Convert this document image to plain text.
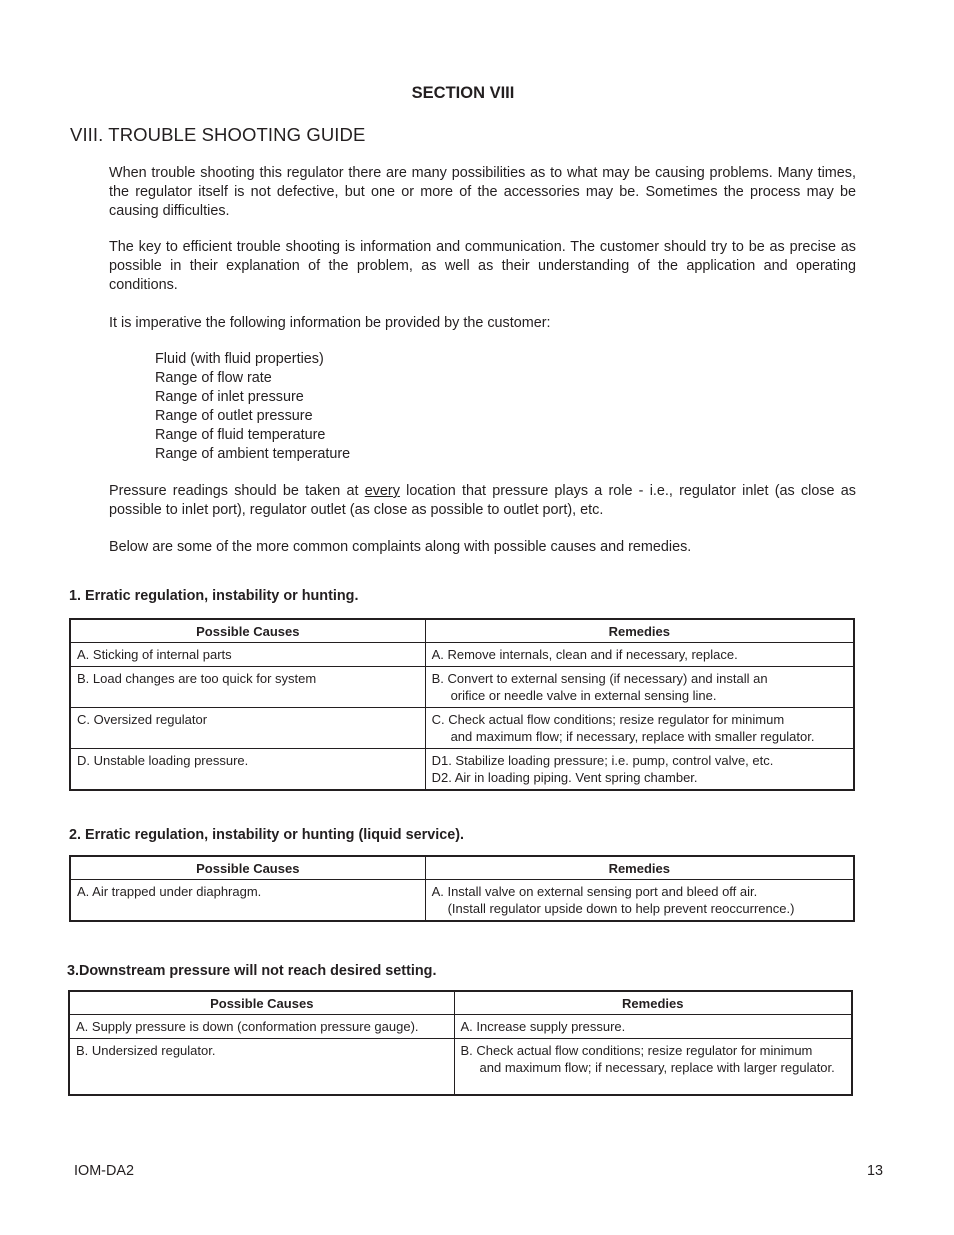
SECTION VIII
VIII. TROUBLE SHOOTING GUIDE
When trouble shooting this regulator there are many possibilities as to what may be causing problems. Many times, the regulator itself is not defective, but one or more of the accessories may be. Sometimes the process may be causing difficulties.
The key to efficient trouble shooting is information and communication. The customer should try to be as precise as possible in their explanation of the problem, as well as their understanding of the application and operating conditions.
It is imperative the following information be provided by the customer:
Fluid (with fluid properties)
Range of flow rate
Range of inlet pressure
Range of outlet pressure
Range of fluid temperature
Range of ambient temperature
Pressure readings should be taken at every location that pressure plays a role - i.e., regulator inlet (as close as possible to inlet port), regulator outlet (as close as possible to outlet port), etc.
Below are some of the more common complaints along with possible causes and remedies.
1. Erratic regulation, instability or hunting.
Possible Causes	Remedies
A. Sticking of internal parts	A. Remove internals, clean and if necessary, replace.

B. Load changes are too quick for system	B. Convert to external sensing (if necessary) and install an
orifice or needle valve in external sensing line.

C. Oversized regulator	C. Check actual flow conditions; resize regulator for minimum
and maximum flow; if necessary, replace with smaller regulator.

D. Unstable loading pressure.	D1. Stabilize loading pressure; i.e. pump, control valve, etc.
D2. Air in loading piping. Vent spring chamber.
2. Erratic regulation, instability or hunting (liquid service).
Possible Causes	Remedies
A. Air trapped under diaphragm.	A. Install valve on external sensing port and bleed off air.
(Install regulator upside down to help prevent reoccurrence.)
3.Downstream pressure will not reach desired setting.
Possible Causes	Remedies
A. Supply pressure is down (conformation pressure gauge).	A. Increase supply pressure.

B. Undersized regulator.	B. Check actual flow conditions; resize regulator for minimum
and maximum flow; if necessary, replace with larger regulator.
IOM-DA2	13
